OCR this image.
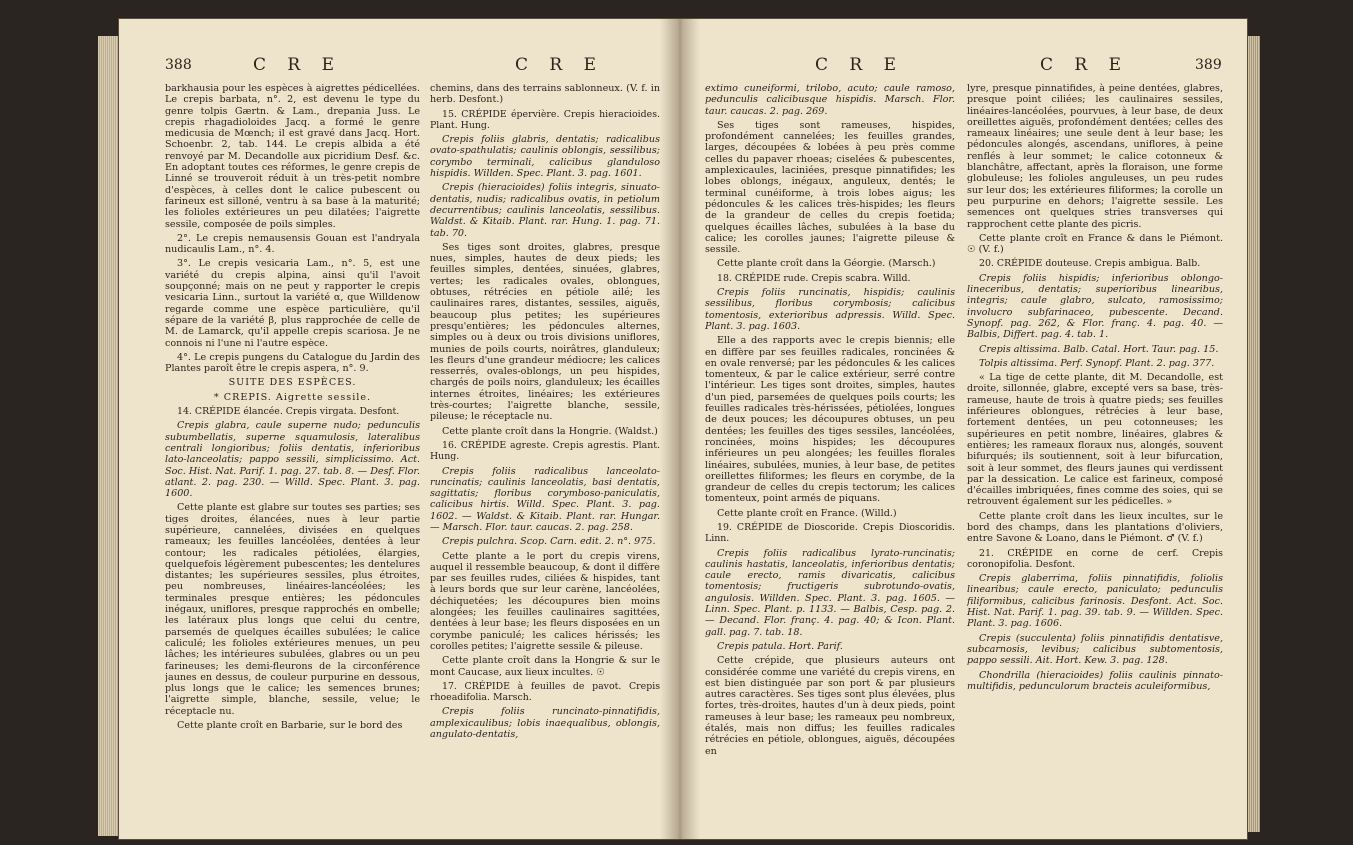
388	C R E	C R E

barkhausia pour les espèces à aigrettes pédicellées. Le crepis barbata, n°. 2, est devenu le type du genre tolpis Gærtn. & Lam., drepania Juss. Le crepis rhagadioloides Jacq. a formé le genre medicusia de Mœnch; il est gravé dans Jacq. Hort. Schoenbr. 2, tab. 144. Le crepis albida a été renvoyé par M. Decandolle aux picridium Desf. &c. En adoptant toutes ces réformes, le genre crepis de Linné se trouveroit réduit à un très-petit nombre d'espèces, à celles dont le calice pubescent ou farineux est silloné, ventru à sa base à la maturité; les folioles extérieures un peu dilatées; l'aigrette sessile, composée de poils simples.

2°. Le crepis nemausensis Gouan est l'andryala nudicaulis Lam., n°. 4.

3°. Le crepis vesicaria Lam., n°. 5, est une variété du crepis alpina, ainsi qu'il l'avoit soupçonné; mais on ne peut y rapporter le crepis vesicaria Linn., surtout la variété α, que Willdenow regarde comme une espèce particulière, qu'il sépare de la variété β, plus rapprochée de celle de M. de Lamarck, qu'il appelle crepis scariosa. Je ne connois ni l'une ni l'autre espèce.

4°. Le crepis pungens du Catalogue du Jardin des Plantes paroît être le crepis aspera, n°. 9.

SUITE DES ESPÈCES.

* CREPIS. Aigrette sessile.

14. CRÉPIDE élancée. Crepis virgata. Desfont.

Crepis glabra, caule superne nudo; pedunculis subumbellatis, superne squamulosis, lateralibus centrali longioribus; foliis dentatis, inferioribus lato-lanceolatis; pappo sessili, simplicissimo. Act. Soc. Hist. Nat. Parif. 1. pag. 27. tab. 8. — Desf. Flor. atlant. 2. pag. 230. — Willd. Spec. Plant. 3. pag. 1600.

Cette plante est glabre sur toutes ses parties; ses tiges droites, élancées, nues à leur partie supérieure, cannelées, divisées en quelques rameaux; les feuilles lancéolées, dentées à leur contour; les radicales pétiolées, élargies, quelquefois légèrement pubescentes; les dentelures distantes; les supérieures sessiles, plus étroites, peu nombreuses, linéaires-lancéolées; les terminales presque entières; les pédoncules inégaux, uniflores, presque rapprochés en ombelle; les latéraux plus longs que celui du centre, parsemés de quelques écailles subulées; le calice caliculé; les folioles extérieures menues, un peu lâches; les intérieures subulées, glabres ou un peu farineuses; les demi-fleurons de la circonférence jaunes en dessus, de couleur purpurine en dessous, plus longs que le calice; les semences brunes; l'aigrette simple, blanche, sessile, velue; le réceptacle nu.

Cette plante croît en Barbarie, sur le bord des

chemins, dans des terrains sablonneux. (V. f. in herb. Desfont.)

15. CRÉPIDE épervière. Crepis hieracioides. Plant. Hung.

Crepis foliis glabris, dentatis; radicalibus ovato-spathulatis; caulinis oblongis, sessilibus; corymbo terminali, calicibus glanduloso hispidis. Willden. Spec. Plant. 3. pag. 1601.

Crepis (hieracioides) foliis integris, sinuato-dentatis, nudis; radicalibus ovatis, in petiolum decurrentibus; caulinis lanceolatis, sessilibus. Waldst. & Kitaib. Plant. rar. Hung. 1. pag. 71. tab. 70.

Ses tiges sont droites, glabres, presque nues, simples, hautes de deux pieds; les feuilles simples, dentées, sinuées, glabres, vertes; les radicales ovales, oblongues, obtuses, rétrécies en pétiole ailé; les caulinaires rares, distantes, sessiles, aiguës, beaucoup plus petites; les supérieures presqu'entières; les pédoncules alternes, simples ou à deux ou trois divisions uniflores, munies de poils courts, noirâtres, glanduleux; les fleurs d'une grandeur médiocre; les calices resserrés, ovales-oblongs, un peu hispides, chargés de poils noirs, glanduleux; les écailles internes étroites, linéaires; les extérieures très-courtes; l'aigrette blanche, sessile, pileuse; le réceptacle nu.

Cette plante croît dans la Hongrie. (Waldst.)

16. CRÉPIDE agreste. Crepis agrestis. Plant. Hung.

Crepis foliis radicalibus lanceolato-runcinatis; caulinis lanceolatis, basi dentatis, sagittatis; floribus corymboso-paniculatis, calicibus hirtis. Willd. Spec. Plant. 3. pag. 1602. — Waldst. & Kitaib. Plant. rar. Hungar. — Marsch. Flor. taur. caucas. 2. pag. 258.

Crepis pulchra. Scop. Carn. edit. 2. n°. 975.

Cette plante a le port du crepis virens, auquel il ressemble beaucoup, & dont il diffère par ses feuilles rudes, ciliées & hispides, tant à leurs bords que sur leur carène, lancéolées, déchiquetées; les découpures bien moins alongées; les feuilles caulinaires sagittées, dentées à leur base; les fleurs disposées en un corymbe paniculé; les calices hérissés; les corolles petites; l'aigrette sessile & pileuse.

Cette plante croît dans la Hongrie & sur le mont Caucase, aux lieux incultes. ☉

17. CRÉPIDE à feuilles de pavot. Crepis rhoeadifolia. Marsch.

Crepis foliis runcinato-pinnatifidis, amplexicaulibus; lobis inaequalibus, oblongis, angulato-dentatis,

C R E	C R E	389

extimo cuneiformi, trilobo, acuto; caule ramoso, pedunculis calicibusque hispidis. Marsch. Flor. taur. caucas. 2. pag. 269.

Ses tiges sont rameuses, hispides, profondément cannelées; les feuilles grandes, larges, découpées & lobées à peu près comme celles du papaver rhoeas; ciselées & pubescentes, amplexicaules, laciniées, presque pinnatifides; les lobes oblongs, inégaux, anguleux, dentés; le terminal cunéiforme, à trois lobes aigus; les pédoncules & les calices très-hispides; les fleurs de la grandeur de celles du crepis foetida; quelques écailles lâches, subulées à la base du calice; les corolles jaunes; l'aigrette pileuse & sessile.

Cette plante croît dans la Géorgie. (Marsch.)

18. CRÉPIDE rude. Crepis scabra. Willd.

Crepis foliis runcinatis, hispidis; caulinis sessilibus, floribus corymbosis; calicibus tomentosis, exterioribus adpressis. Willd. Spec. Plant. 3. pag. 1603.

Elle a des rapports avec le crepis biennis; elle en diffère par ses feuilles radicales, roncinées & en ovale renversé; par les pédoncules & les calices tomenteux, & par le calice extérieur, serré contre l'intérieur. Les tiges sont droites, simples, hautes d'un pied, parsemées de quelques poils courts; les feuilles radicales très-hérissées, pétiolées, longues de deux pouces; les découpures obtuses, un peu dentées; les feuilles des tiges sessiles, lancéolées, roncinées, moins hispides; les découpures inférieures un peu alongées; les feuilles florales linéaires, subulées, munies, à leur base, de petites oreillettes filiformes; les fleurs en corymbe, de la grandeur de celles du crepis tectorum; les calices tomenteux, point armés de piquans.

Cette plante croît en France. (Willd.)

19. CRÉPIDE de Dioscoride. Crepis Dioscoridis. Linn.

Crepis foliis radicalibus lyrato-runcinatis; caulinis hastatis, lanceolatis, inferioribus dentatis; caule erecto, ramis divaricatis, calicibus tomentosis; fructigeris subrotundo-ovatis, angulosis. Willden. Spec. Plant. 3. pag. 1605. — Linn. Spec. Plant. p. 1133. — Balbis, Cesp. pag. 2. — Decand. Flor. franç. 4. pag. 40; & Icon. Plant. gall. pag. 7. tab. 18.

Crepis patula. Hort. Parif.

Cette crépide, que plusieurs auteurs ont considérée comme une variété du crepis virens, en est bien distinguée par son port & par plusieurs autres caractères. Ses tiges sont plus élevées, plus fortes, très-droites, hautes d'un à deux pieds, point rameuses à leur base; les rameaux peu nombreux, étalés, mais non diffus; les feuilles radicales rétrécies en pétiole, oblongues, aiguës, découpées en

lyre, presque pinnatifides, à peine dentées, glabres, presque point ciliées; les caulinaires sessiles, linéaires-lancéolées, pourvues, à leur base, de deux oreillettes aiguës, profondément dentées; celles des rameaux linéaires; une seule dent à leur base; les pédoncules alongés, ascendans, uniflores, à peine renflés à leur sommet; le calice cotonneux & blanchâtre, affectant, après la floraison, une forme globuleuse; les folioles anguleuses, un peu rudes sur leur dos; les extérieures filiformes; la corolle un peu purpurine en dehors; l'aigrette sessile. Les semences ont quelques stries transverses qui rapprochent cette plante des picris.

Cette plante croît en France & dans le Piémont. ☉ (V. f.)

20. CRÉPIDE douteuse. Crepis ambigua. Balb.

Crepis foliis hispidis; inferioribus oblongo-lineceribus, dentatis; superioribus linearibus, integris; caule glabro, sulcato, ramosissimo; involucro subfarinaceo, pubescente. Decand. Synopf. pag. 262, & Flor. franç. 4. pag. 40. — Balbis, Differt. pag. 4. tab. 1.

Crepis altissima. Balb. Catal. Hort. Taur. pag. 15.

Tolpis altissima. Perf. Synopf. Plant. 2. pag. 377.

« La tige de cette plante, dit M. Decandolle, est droite, sillonnée, glabre, excepté vers sa base, très-rameuse, haute de trois à quatre pieds; ses feuilles inférieures oblongues, rétrécies à leur base, fortement dentées, un peu cotonneuses; les supérieures en petit nombre, linéaires, glabres & entières; les rameaux floraux nus, alongés, souvent bifurqués; ils soutiennent, soit à leur bifurcation, soit à leur sommet, des fleurs jaunes qui verdissent par la dessication. Le calice est farineux, composé d'écailles imbriquées, fines comme des soies, qui se retrouvent également sur les pédicelles. »

Cette plante croît dans les lieux incultes, sur le bord des champs, dans les plantations d'oliviers, entre Savone & Loano, dans le Piémont. ♂ (V. f.)

21. CRÉPIDE en corne de cerf. Crepis coronopifolia. Desfont.

Crepis glaberrima, foliis pinnatifidis, foliolis linearibus; caule erecto, paniculato; pedunculis filiformibus, calicibus farinosis. Desfont. Act. Soc. Hist. Nat. Parif. 1. pag. 39. tab. 9. — Willden. Spec. Plant. 3. pag. 1606.

Crepis (succulenta) foliis pinnatifidis dentatisve, subcarnosis, levibus; calicibus subtomentosis, pappo sessili. Ait. Hort. Kew. 3. pag. 128.

Chondrilla (hieracioides) foliis caulinis pinnato-multifidis, pedunculorum bracteis aculeiformibus,
